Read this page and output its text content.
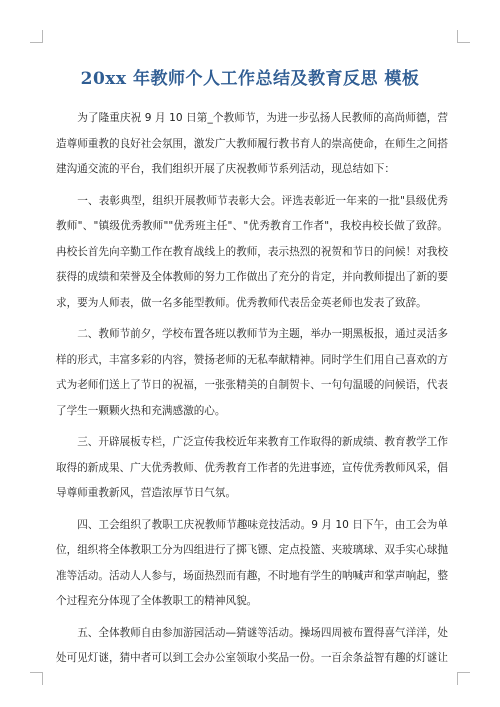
20xx 年教师个人工作总结及教育反思 模板

为了隆重庆祝 9 月 10 日第_个教师节，为进一步弘扬人民教师的高尚师德，营造尊师重教的良好社会氛围，激发广大教师履行教书育人的崇高使命，在师生之间搭建沟通交流的平台，我们组织开展了庆祝教师节系列活动，现总结如下：

一、表彰典型，组织开展教师节表彰大会。评选表彰近一年来的一批"县级优秀教师"、"镇级优秀教师""优秀班主任"、"优秀教育工作者"，我校冉校长做了致辞。冉校长首先向辛勤工作在教育战线上的教师，表示热烈的祝贺和节日的问候！对我校获得的成绩和荣誉及全体教师的努力工作做出了充分的肯定，并向教师提出了新的要求，要为人师表，做一名多能型教师。优秀教师代表岳金英老师也发表了致辞。

二、教师节前夕，学校布置各班以教师节为主题，举办一期黑板报，通过灵活多样的形式，丰富多彩的内容，赞扬老师的无私奉献精神。同时学生们用自己喜欢的方式为老师们送上了节日的祝福，一张张精美的自制贺卡、一句句温暖的问候语，代表了学生一颗颗火热和充满感激的心。

三、开辟展板专栏，广泛宣传我校近年来教育工作取得的新成绩、教育教学工作取得的新成果、广大优秀教师、优秀教育工作者的先进事迹，宣传优秀教师风采，倡导尊师重教新风，营造浓厚节日气氛。

四、工会组织了教职工庆祝教师节趣味竞技活动。9 月 10 日下午，由工会为单位，组织将全体教职工分为四组进行了掷飞镖、定点投篮、夹玻璃球、双手实心球抛准等活动。活动人人参与，场面热烈而有趣，不时地有学生的呐喊声和掌声响起，整个过程充分体现了全体教职工的精神风貌。

五、全体教师自由参加游园活动—猜谜等活动。操场四周被布置得喜气洋洋，处处可见灯谜，猜中者可以到工会办公室领取小奖品一份。一百余条益智有趣的灯谜让
